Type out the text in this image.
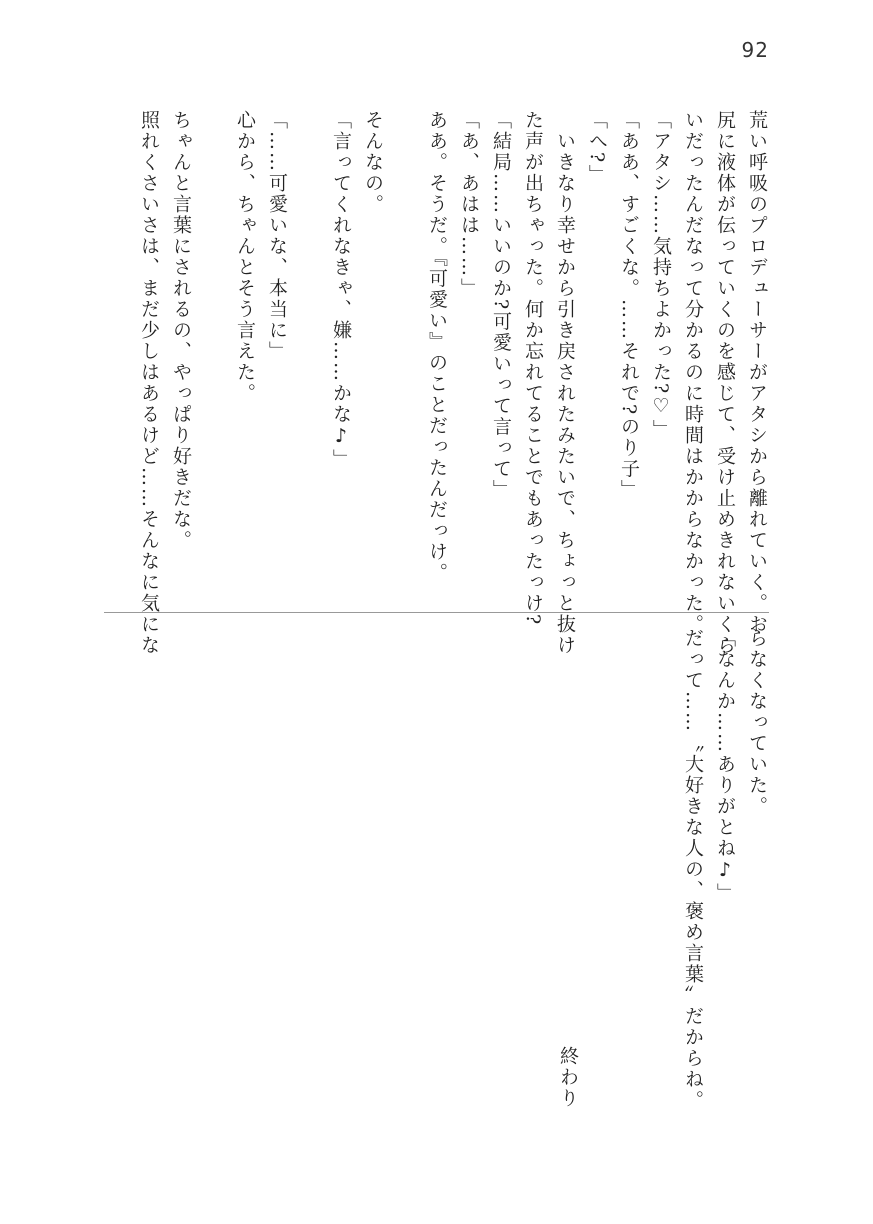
92

荒い呼吸のプロデューサーがアタシから離れていく。お

尻に液体が伝っていくのを感じて、受け止めきれないくら

いだったんだなって分かるのに時間はかからなかった。

「アタシ……気持ちよかった?♡」

「ああ、すごくな。……それで?のり子」

「へ?」

　いきなり幸せから引き戻されたみたいで、ちょっと抜け

た声が出ちゃった。何か忘れてることでもあったっけ?

「結局……いいのか?可愛いって言って」

「あ、あはは……」

ああ。そうだ。『可愛い』のことだったんだっけ。

そんなの。

「言ってくれなきゃ、嫌……かな♪」

「……可愛いな、本当に」

心から、ちゃんとそう言えた。

ちゃんと言葉にされるの、やっぱり好きだな。

照れくさいさは、まだ少しはあるけど……そんなに気にな

らなくなっていた。

「なんか……ありがとね♪」

だって……〝大好きな人の、褒め言葉〟だからね。

終わり
